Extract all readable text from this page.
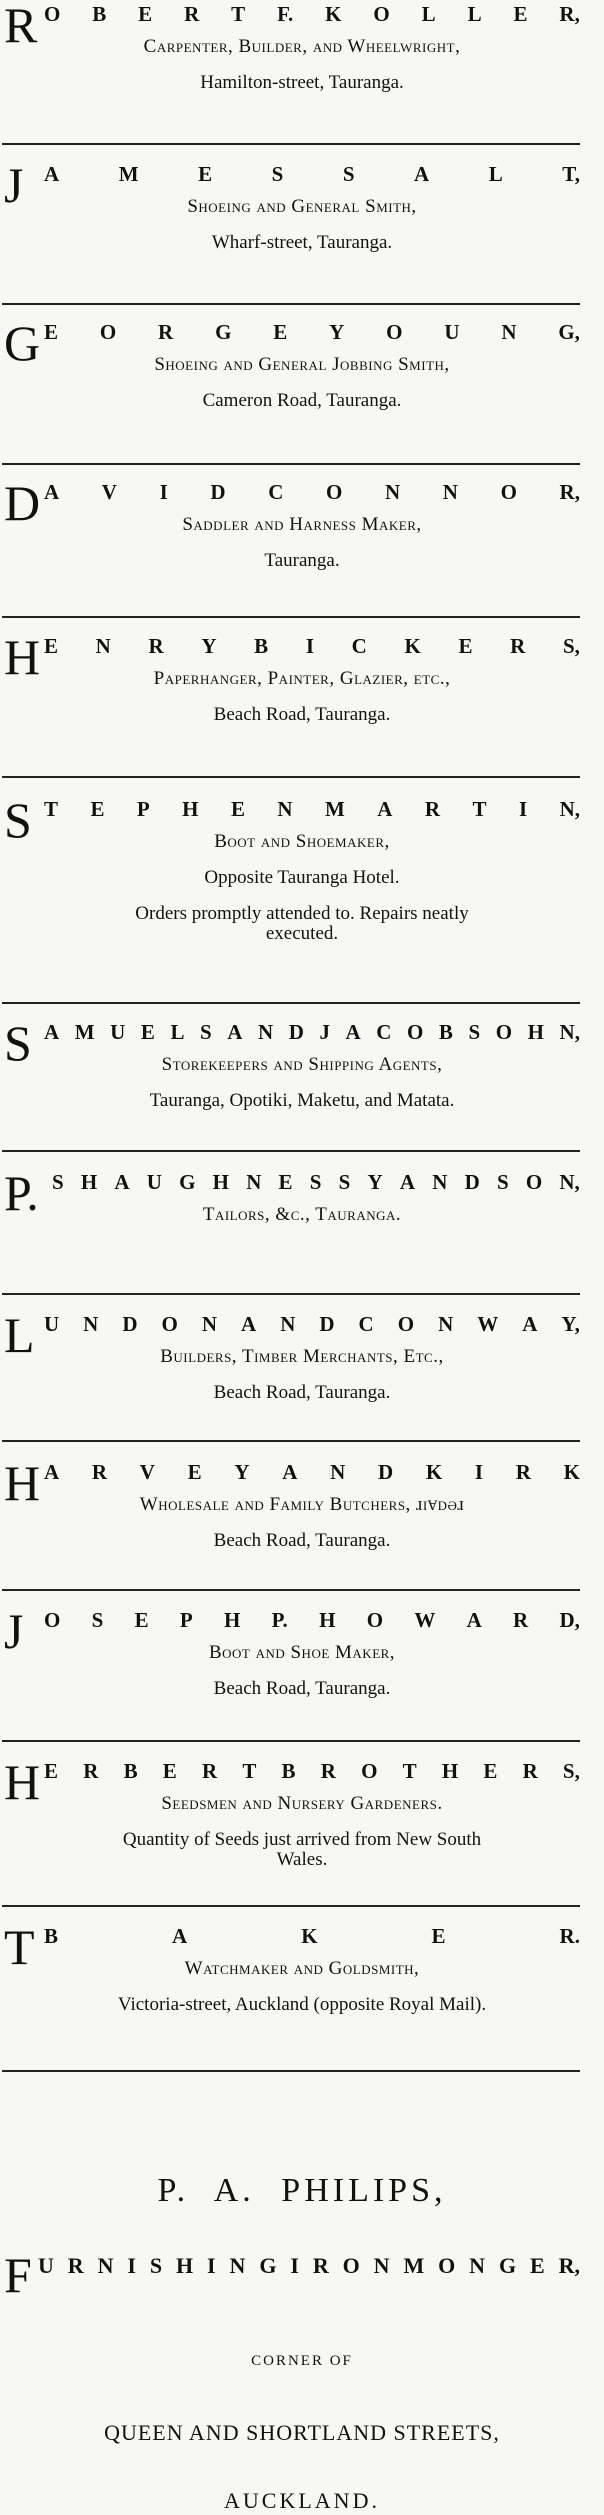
R O B E R T F. K O L L E R,
Carpenter, Builder, and Wheelwright,
Hamilton-street, Tauranga.
J A	M	E	S	S	A	L	T,
Shoeing and General Smith,
Wharf-street, Tauranga.
G E O R G E Y O U N G,
Shoeing and General Jobbing Smith,
Cameron Road, Tauranga.
D A V I D C O N N O R,
Saddler and Harness Maker,
Tauranga.
H E N R Y B I C K E R S,
Paperhanger, Painter, Glazier, etc.,
Beach Road, Tauranga.
S T E P H E N M A R T I N,
Boot and Shoemaker,
Opposite Tauranga Hotel.
Orders promptly attended to. Repairs neatly
executed.
S A M U E L S A N D J A C O B S O H N,
Storekeepers and Shipping Agents,
Tauranga, Opotiki, Maketu, and Matata.
P. S H A U G H N E S S Y A N D S O N,
Tailors, &c., Tauranga.
L U N D O N A N D C O N W A Y,
Builders, Timber Merchants, Etc.,
Beach Road, Tauranga.
H A R V E Y A N D K I R K
Wholesale and Family Butchers, ɹıɐdəɹ
Beach Road, Tauranga.
J O S E P H P. H O W A R D,
Boot and Shoe Maker,
Beach Road, Tauranga.
H E R B E R T B R O T H E R S,
Seedsmen and Nursery Gardeners.
Quantity of Seeds just arrived from New South
Wales.
T B	A	K	E	R.
Watchmaker and Goldsmith,
Victoria-street, Auckland (opposite Royal Mail).
P. A. PHILIPS,
F U R N I S H I N G I R O N M O N G E R,
CORNER OF
QUEEN AND SHORTLAND STREETS,
AUCKLAND.
